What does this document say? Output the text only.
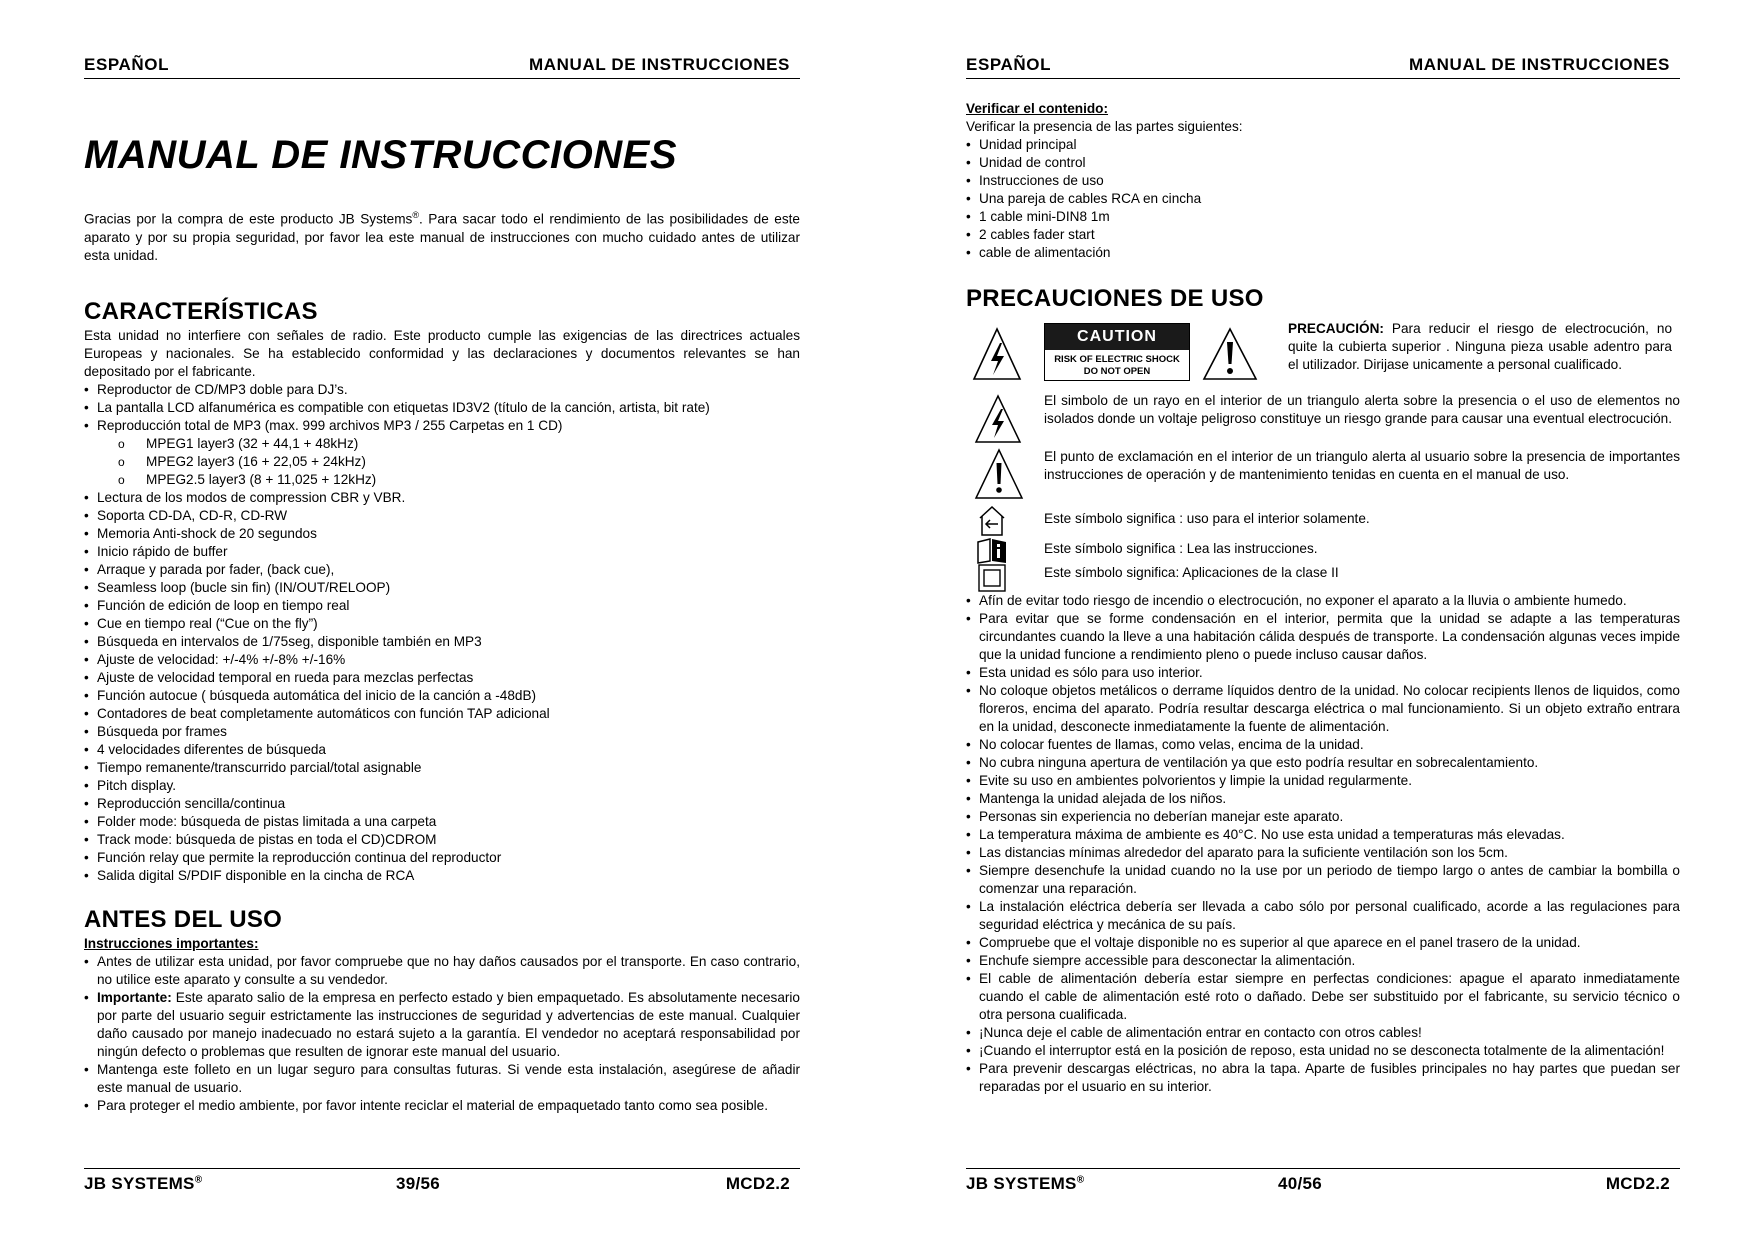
ESPAÑOL	MANUAL DE INSTRUCCIONES
MANUAL DE INSTRUCCIONES

Gracias por la compra de este producto JB Systems®. Para sacar todo el rendimiento de las posibilidades de este aparato y por su propia seguridad, por favor lea este manual de instrucciones con mucho cuidado antes de utilizar esta unidad.

CARACTERÍSTICAS

Esta unidad no interfiere con señales de radio. Este producto cumple las exigencias de las directrices actuales Europeas y nacionales. Se ha establecido conformidad y las declaraciones y documentos relevantes se han depositado por el fabricante.

• Reproductor de CD/MP3 doble para DJ’s.
• La pantalla LCD alfanumérica es compatible con etiquetas ID3V2 (título de la canción, artista, bit rate)
• Reproducción total de MP3 (max. 999 archivos MP3 / 255 Carpetas en 1 CD)
o MPEG1 layer3 (32 + 44,1 + 48kHz)
o MPEG2 layer3 (16 + 22,05 + 24kHz)
o MPEG2.5 layer3 (8 + 11,025 + 12kHz)
• Lectura de los modos de compression CBR y VBR.
• Soporta CD-DA, CD-R, CD-RW
• Memoria Anti-shock de 20 segundos
• Inicio rápido de buffer
• Arraque y parada por fader, (back cue),
• Seamless loop (bucle sin fin) (IN/OUT/RELOOP)
• Función de edición de loop en tiempo real
• Cue en tiempo real (“Cue on the fly”)
• Búsqueda en intervalos de 1/75seg, disponible también en MP3
• Ajuste de velocidad: +/-4% +/-8% +/-16%
• Ajuste de velocidad temporal en rueda para mezclas perfectas
• Función autocue ( búsqueda automática del inicio de la canción a -48dB)
• Contadores de beat completamente automáticos con función TAP adicional
• Búsqueda por frames
• 4 velocidades diferentes de búsqueda
• Tiempo remanente/transcurrido parcial/total asignable
• Pitch display.
• Reproducción sencilla/continua
• Folder mode: búsqueda de pistas limitada a una carpeta
• Track mode: búsqueda de pistas en toda el CD)CDROM
• Función relay que permite la reproducción continua del reproductor
• Salida digital S/PDIF disponible en la cincha de RCA
ANTES DEL USO
Instrucciones importantes:
• Antes de utilizar esta unidad, por favor compruebe que no hay daños causados por el transporte. En caso contrario, no utilice este aparato y consulte a su vendedor.
• Importante: Este aparato salio de la empresa en perfecto estado y bien empaquetado. Es absolutamente necesario por parte del usuario seguir estrictamente las instrucciones de seguridad y advertencias de este manual. Cualquier daño causado por manejo inadecuado no estará sujeto a la garantía. El vendedor no aceptará responsabilidad por ningún defecto o problemas que resulten de ignorar este manual del usuario.
• Mantenga este folleto en un lugar seguro para consultas futuras. Si vende esta instalación, asegúrese de añadir este manual de usuario.
• Para proteger el medio ambiente, por favor intente reciclar el material de empaquetado tanto como sea posible.
JB SYSTEMS®	39/56	MCD2.2
ESPAÑOL	MANUAL DE INSTRUCCIONES
Verificar el contenido:
Verificar la presencia de las partes siguientes:
• Unidad principal
• Unidad de control
• Instrucciones de uso
• Una pareja de cables RCA en cincha
• 1 cable mini-DIN8 1m
• 2 cables fader start
• cable de alimentación
PRECAUCIONES DE USO
CAUTION
RISK OF ELECTRIC SHOCK
DO NOT OPEN
PRECAUCIÓN: Para reducir el riesgo de electrocución, no quite la cubierta superior . Ninguna pieza usable adentro para el utilizador. Dirijase unicamente a personal cualificado.
El simbolo de un rayo en el interior de un triangulo alerta sobre la presencia o el uso de elementos no isolados donde un voltaje peligroso constituye un riesgo grande para causar una eventual electrocución.
El punto de exclamación en el interior de un triangulo alerta al usuario sobre la presencia de importantes instrucciones de operación y de mantenimiento tenidas en cuenta en el manual de uso.
Este símbolo significa : uso para el interior solamente.
Este símbolo significa : Lea las instrucciones.
Este símbolo significa: Aplicaciones de la clase II
• Afín de evitar todo riesgo de incendio o electrocución, no exponer el aparato a la lluvia o ambiente humedo.
• Para evitar que se forme condensación en el interior, permita que la unidad se adapte a las temperaturas circundantes cuando la lleve a una habitación cálida después de transporte. La condensación algunas veces impide que la unidad funcione a rendimiento pleno o puede incluso causar daños.
• Esta unidad es sólo para uso interior.
• No coloque objetos metálicos o derrame líquidos dentro de la unidad. No colocar recipients llenos de liquidos, como floreros, encima del aparato. Podría resultar descarga eléctrica o mal funcionamiento. Si un objeto extraño entrara en la unidad, desconecte inmediatamente la fuente de alimentación.
• No colocar fuentes de llamas, como velas, encima de la unidad.
• No cubra ninguna apertura de ventilación ya que esto podría resultar en sobrecalentamiento.
• Evite su uso en ambientes polvorientos y limpie la unidad regularmente.
• Mantenga la unidad alejada de los niños.
• Personas sin experiencia no deberían manejar este aparato.
• La temperatura máxima de ambiente es 40°C. No use esta unidad a temperaturas más elevadas.
• Las distancias mínimas alrededor del aparato para la suficiente ventilación son los 5cm.
• Siempre desenchufe la unidad cuando no la use por un periodo de tiempo largo o antes de cambiar la bombilla o comenzar una reparación.
• La instalación eléctrica debería ser llevada a cabo sólo por personal cualificado, acorde a las regulaciones para seguridad eléctrica y mecánica de su país.
• Compruebe que el voltaje disponible no es superior al que aparece en el panel trasero de la unidad.
• Enchufe siempre accessible para desconectar la alimentación.
• El cable de alimentación debería estar siempre en perfectas condiciones: apague el aparato inmediatamente cuando el cable de alimentación esté roto o dañado. Debe ser substituido por el fabricante, su servicio técnico o otra persona cualificada.
• ¡Nunca deje el cable de alimentación entrar en contacto con otros cables!
• ¡Cuando el interruptor está en la posición de reposo, esta unidad no se desconecta totalmente de la alimentación!
• Para prevenir descargas eléctricas, no abra la tapa. Aparte de fusibles principales no hay partes que puedan ser reparadas por el usuario en su interior.
JB SYSTEMS®	40/56	MCD2.2
